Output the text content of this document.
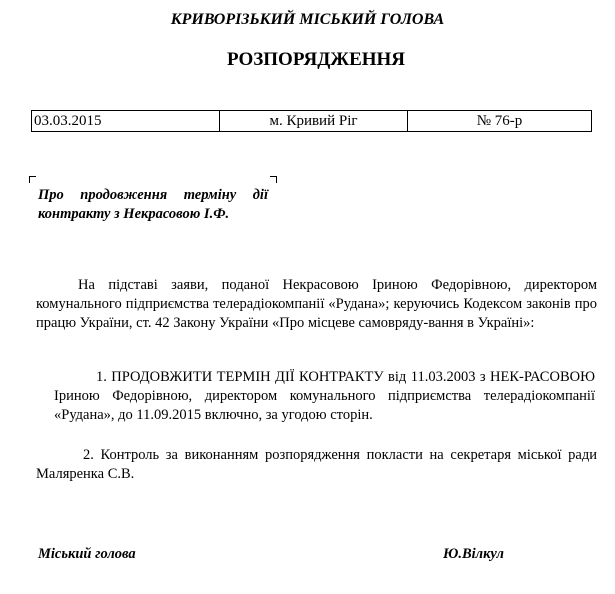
КРИВОРІЗЬКИЙ МІСЬКИЙ ГОЛОВА
РОЗПОРЯДЖЕННЯ
03.03.2015	м. Кривий Ріг	№ 76-р
Про продовження терміну дії контракту з Некрасовою І.Ф.
На підставі заяви, поданої Некрасовою Іриною Федорівною, директором комунального підприємства телерадіокомпанії «Рудана»; керуючись Кодексом законів про працю України, ст. 42 Закону України «Про місцеве самовряду-вання в Україні»:
1. ПРОДОВЖИТИ ТЕРМІН ДІЇ КОНТРАКТУ від 11.03.2003 з НЕК-РАСОВОЮ Іриною Федорівною, директором комунального підприємства телерадіокомпанії «Рудана», до 11.09.2015 включно, за угодою сторін.
2. Контроль за виконанням розпорядження покласти на секретаря міської ради Маляренка С.В.
Міський голова	Ю.Вілкул
